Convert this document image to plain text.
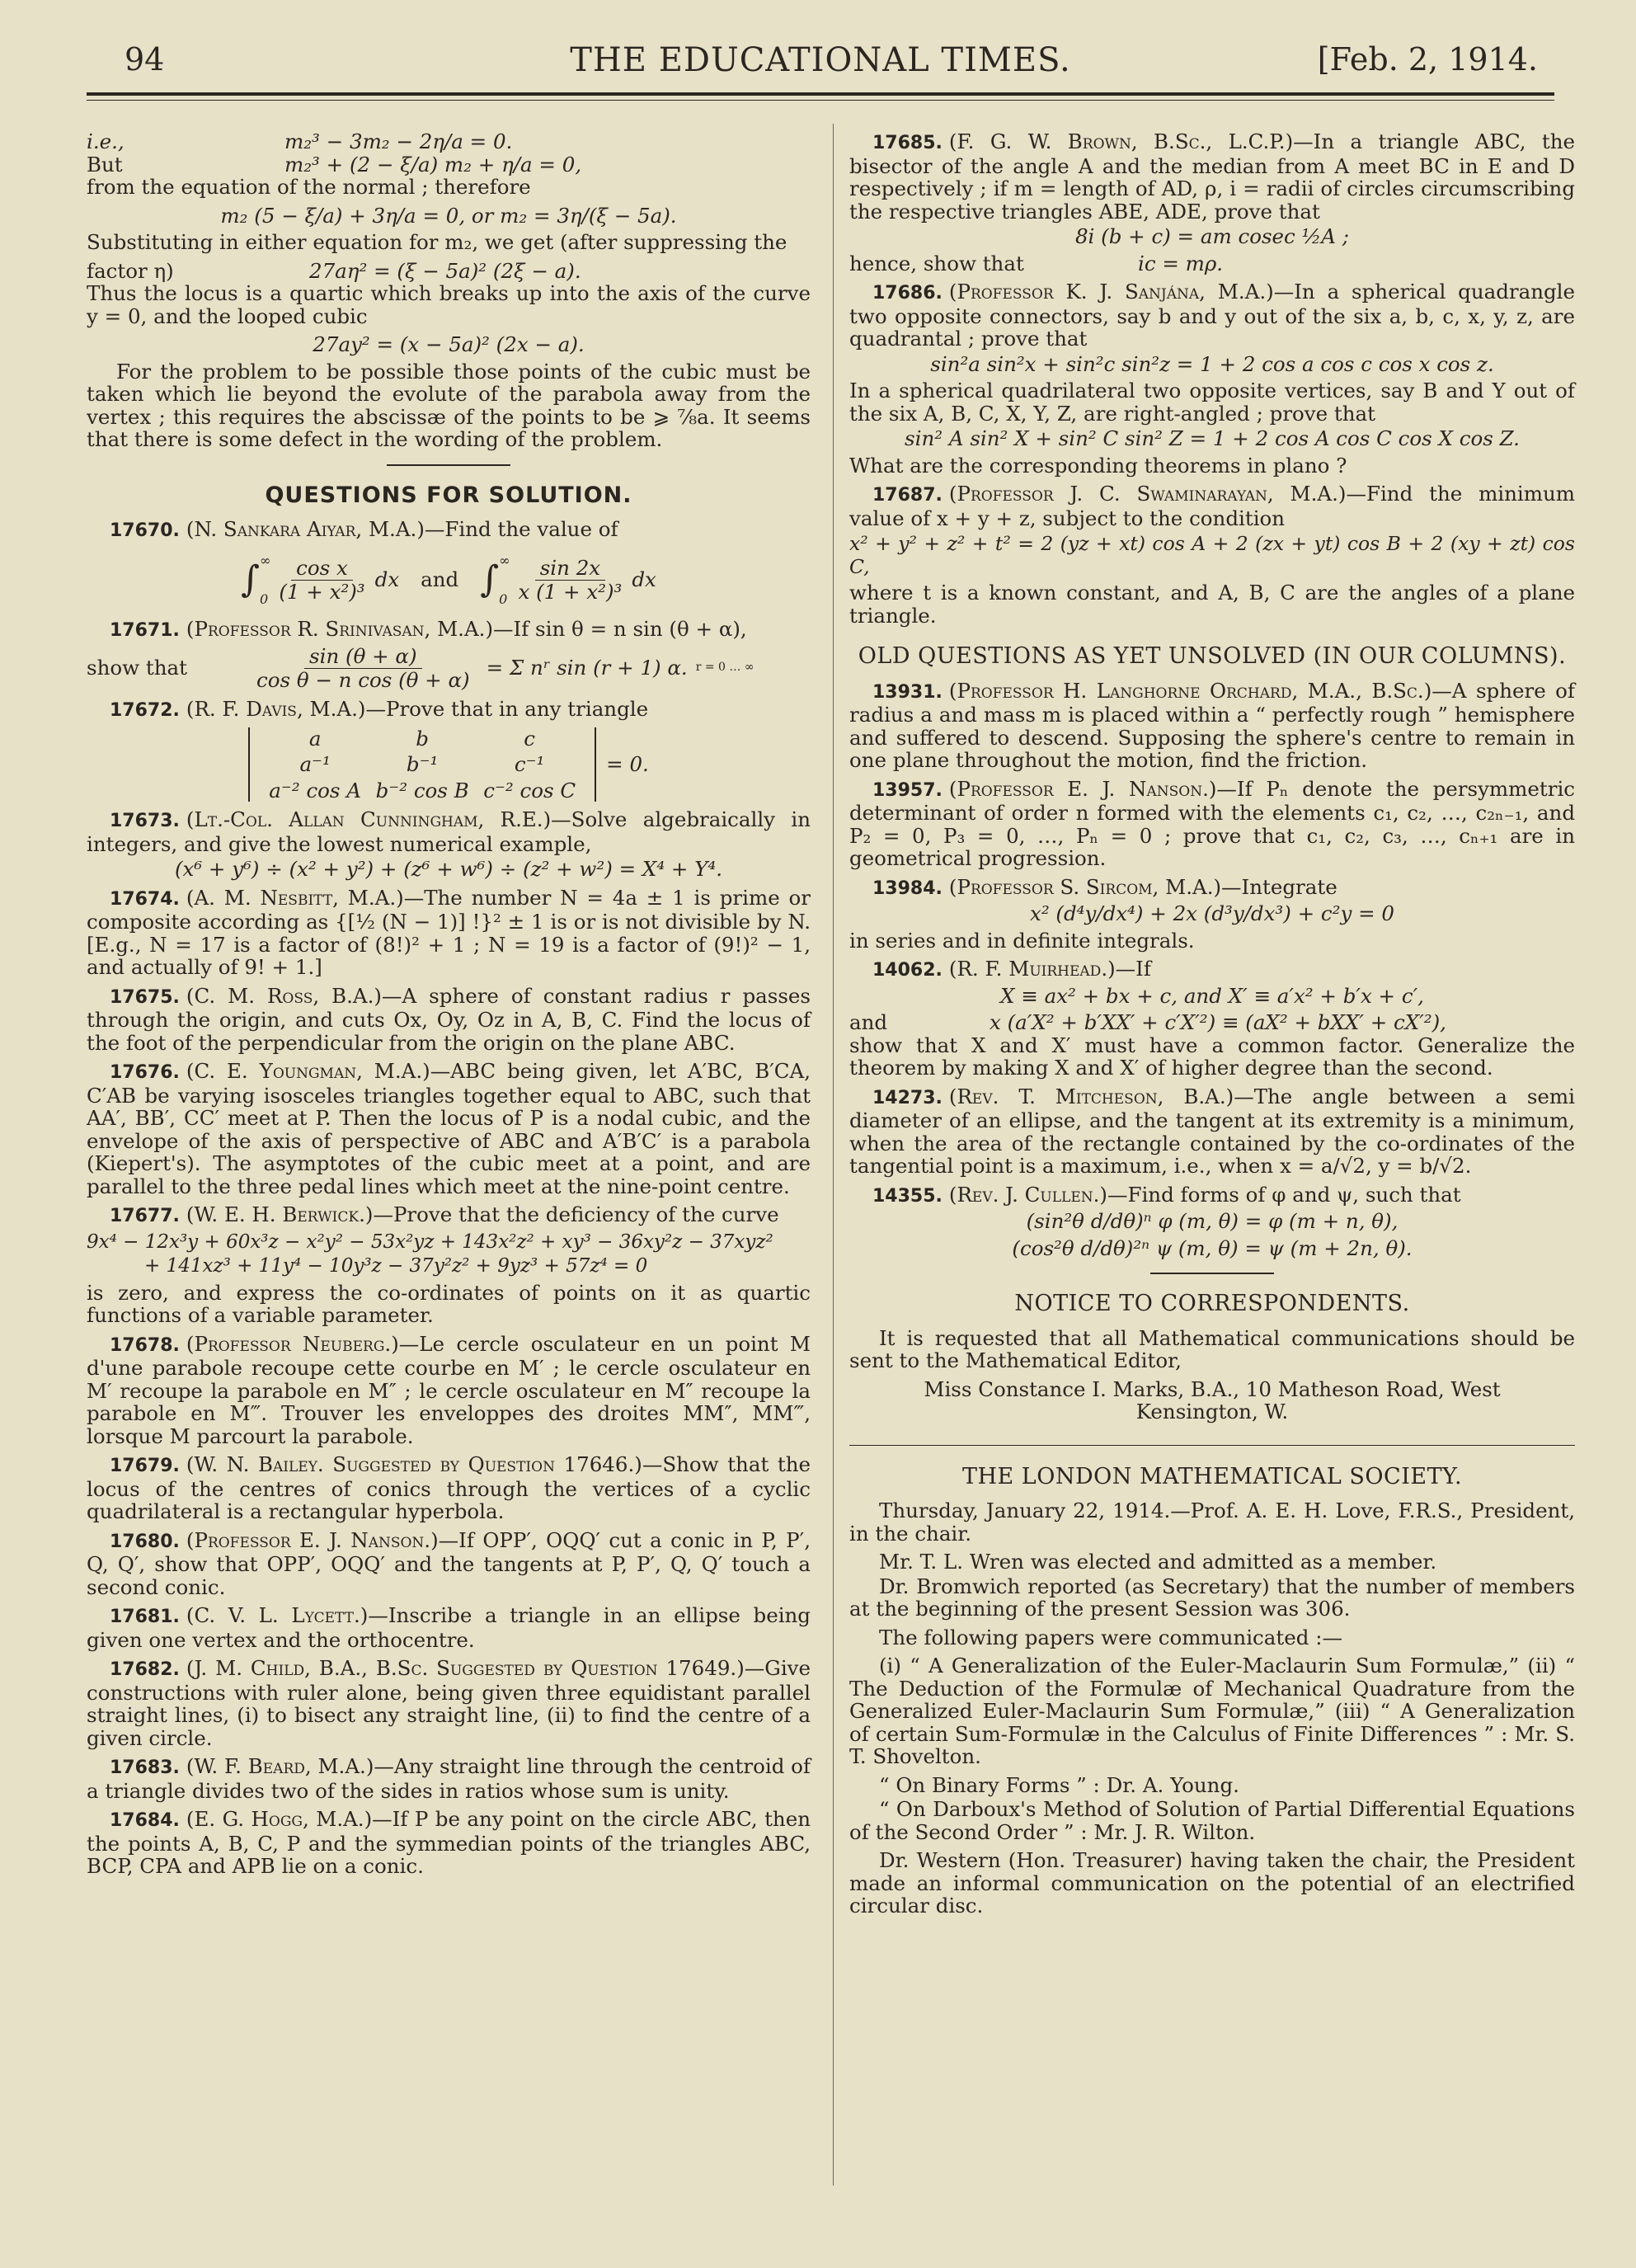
94	THE EDUCATIONAL TIMES.	[Feb. 2, 1914.
i.e.,	m₂³ − 3m₂ − 2η/a = 0.
But	m₂³ + (2 − ξ/a) m₂ + η/a = 0,
from the equation of the normal ; therefore
m₂ (5 − ξ/a) + 3η/a = 0, or m₂ = 3η/(ξ − 5a).
Substituting in either equation for m₂, we get (after suppressing the
factor η)	27aη² = (ξ − 5a)² (2ξ − a).
Thus the locus is a quartic which breaks up into the axis of the curve y = 0, and the looped cubic
27ay² = (x − 5a)² (2x − a).
For the problem to be possible those points of the cubic must be taken which lie beyond the evolute of the parabola away from the vertex ; this requires the abscissæ of the points to be ⩾ ⅞a. It seems that there is some defect in the wording of the problem.
QUESTIONS FOR SOLUTION.
17670. (N. Sankara Aiyar, M.A.)—Find the value of
∫ ∞
$0 \frac{\text{cos x}}{\text{(1 + x²)³}}$ dx and ∫ ∞
$0 \frac{\sin 2x}{\text{x (1 + x²)³}}$ dx
17671. (Professor R. Srinivasan, M.A.)—If sin θ = n sin (θ + α),
show that	$\frac{\sin (\theta + \alpha)}{\text{cos θ − n cos (θ + α)}} = \Sigma$ nʳ sin (r + 1) α. r = 0 … ∞
17672. (R. F. Davis, M.A.)—Prove that in any triangle
a	b	c
a⁻¹	b⁻¹	c⁻¹
a⁻² cos A b⁻² cos B c⁻² cos C
= 0.
17673. (Lt.-Col. Allan Cunningham, R.E.)—Solve algebraically in integers, and give the lowest numerical example,
(x⁶ + y⁶) ÷ (x² + y²) + (z⁶ + w⁶) ÷ (z² + w²) = X⁴ + Y⁴.
17674. (A. M. Nesbitt, M.A.)—The number N = 4a ± 1 is prime or composite according as {[½ (N − 1)] !}² ± 1 is or is not divisible by N. [E.g., N = 17 is a factor of (8!)² + 1 ; N = 19 is a factor of (9!)² − 1, and actually of 9! + 1.]
17675. (C. M. Ross, B.A.)—A sphere of constant radius r passes through the origin, and cuts Ox, Oy, Oz in A, B, C. Find the locus of the foot of the perpendicular from the origin on the plane ABC.
17676. (C. E. Youngman, M.A.)—ABC being given, let A′BC, B′CA, C′AB be varying isosceles triangles together equal to ABC, such that AA′, BB′, CC′ meet at P. Then the locus of P is a nodal cubic, and the envelope of the axis of perspective of ABC and A′B′C′ is a parabola (Kiepert's). The asymptotes of the cubic meet at a point, and are parallel to the three pedal lines which meet at the nine-point centre.
17677. (W. E. H. Berwick.)—Prove that the deficiency of the curve
9x⁴ − 12x³y + 60x³z − x²y² − 53x²yz + 143x²z² + xy³ − 36xy²z − 37xyz²
+ 141xz³ + 11y⁴ − 10y³z − 37y²z² + 9yz³ + 57z⁴ = 0
is zero, and express the co-ordinates of points on it as quartic functions of a variable parameter.
17678. (Professor Neuberg.)—Le cercle osculateur en un point M d'une parabole recoupe cette courbe en M′ ; le cercle osculateur en M′ recoupe la parabole en M″ ; le cercle osculateur en M″ recoupe la parabole en M‴. Trouver les enveloppes des droites MM″, MM‴, lorsque M parcourt la parabole.
17679. (W. N. Bailey. Suggested by Question 17646.)—Show that the locus of the centres of conics through the vertices of a cyclic quadrilateral is a rectangular hyperbola.
17680. (Professor E. J. Nanson.)—If OPP′, OQQ′ cut a conic in P, P′, Q, Q′, show that OPP′, OQQ′ and the tangents at P, P′, Q, Q′ touch a second conic.
17681. (C. V. L. Lycett.)—Inscribe a triangle in an ellipse being given one vertex and the orthocentre.
17682. (J. M. Child, B.A., B.Sc. Suggested by Question 17649.)—Give constructions with ruler alone, being given three equidistant parallel straight lines, (i) to bisect any straight line, (ii) to find the centre of a given circle.
17683. (W. F. Beard, M.A.)—Any straight line through the centroid of a triangle divides two of the sides in ratios whose sum is unity.
17684. (E. G. Hogg, M.A.)—If P be any point on the circle ABC, then the points A, B, C, P and the symmedian points of the triangles ABC, BCP, CPA and APB lie on a conic.
17685. (F. G. W. Brown, B.Sc., L.C.P.)—In a triangle ABC, the bisector of the angle A and the median from A meet BC in E and D respectively ; if m = length of AD, ρ, i = radii of circles circumscribing the respective triangles ABE, ADE, prove that
8i (b + c) = am cosec ½A ;
hence, show that	ic = mρ.
17686. (Professor K. J. Sanjána, M.A.)—In a spherical quadrangle two opposite connectors, say b and y out of the six a, b, c, x, y, z, are quadrantal ; prove that
sin²a sin²x + sin²c sin²z = 1 + 2 cos a cos c cos x cos z.
In a spherical quadrilateral two opposite vertices, say B and Y out of the six A, B, C, X, Y, Z, are right-angled ; prove that
sin² A sin² X + sin² C sin² Z = 1 + 2 cos A cos C cos X cos Z.
What are the corresponding theorems in plano ?
17687. (Professor J. C. Swaminarayan, M.A.)—Find the minimum value of x + y + z, subject to the condition
x² + y² + z² + t² = 2 (yz + xt) cos A + 2 (zx + yt) cos B + 2 (xy + zt) cos C,
where t is a known constant, and A, B, C are the angles of a plane triangle.
OLD QUESTIONS AS YET UNSOLVED (IN OUR COLUMNS).
13931. (Professor H. Langhorne Orchard, M.A., B.Sc.)—A sphere of radius a and mass m is placed within a “ perfectly rough ” hemisphere and suffered to descend. Supposing the sphere's centre to remain in one plane throughout the motion, find the friction.
13957. (Professor E. J. Nanson.)—If Pₙ denote the persymmetric determinant of order n formed with the elements c₁, c₂, …, c₂ₙ₋₁, and P₂ = 0, P₃ = 0, …, Pₙ = 0 ; prove that c₁, c₂, c₃, …, cₙ₊₁ are in geometrical progression.
13984. (Professor S. Sircom, M.A.)—Integrate
x² (d⁴y/dx⁴) + 2x (d³y/dx³) + c²y = 0
in series and in definite integrals.
14062. (R. F. Muirhead.)—If
X ≡ ax² + bx + c, and X′ ≡ a′x² + b′x + c′,
and	x (a′X² + b′XX′ + c′X′²) ≡ (aX² + bXX′ + cX′²),
show that X and X′ must have a common factor. Generalize the theorem by making X and X′ of higher degree than the second.
14273. (Rev. T. Mitcheson, B.A.)—The angle between a semi diameter of an ellipse, and the tangent at its extremity is a minimum, when the area of the rectangle contained by the co-ordinates of the tangential point is a maximum, i.e., when x = a/√2, y = b/√2.
14355. (Rev. J. Cullen.)—Find forms of φ and ψ, such that
(sin²θ d/dθ)ⁿ φ (m, θ) = φ (m + n, θ),
(cos²θ d/dθ)²ⁿ ψ (m, θ) = ψ (m + 2n, θ).
NOTICE TO CORRESPONDENTS.
It is requested that all Mathematical communications should be sent to the Mathematical Editor,
Miss Constance I. Marks, B.A., 10 Matheson Road, West
Kensington, W.
THE LONDON MATHEMATICAL SOCIETY.
Thursday, January 22, 1914.—Prof. A. E. H. Love, F.R.S., President, in the chair.
Mr. T. L. Wren was elected and admitted as a member.
Dr. Bromwich reported (as Secretary) that the number of members at the beginning of the present Session was 306.
The following papers were communicated :—
(i) “ A Generalization of the Euler-Maclaurin Sum Formulæ,” (ii) “ The Deduction of the Formulæ of Mechanical Quadrature from the Generalized Euler-Maclaurin Sum Formulæ,” (iii) “ A Generalization of certain Sum-Formulæ in the Calculus of Finite Differences ” : Mr. S. T. Shovelton.
“ On Binary Forms ” : Dr. A. Young.
“ On Darboux's Method of Solution of Partial Differential Equations of the Second Order ” : Mr. J. R. Wilton.
Dr. Western (Hon. Treasurer) having taken the chair, the President made an informal communication on the potential of an electrified circular disc.
